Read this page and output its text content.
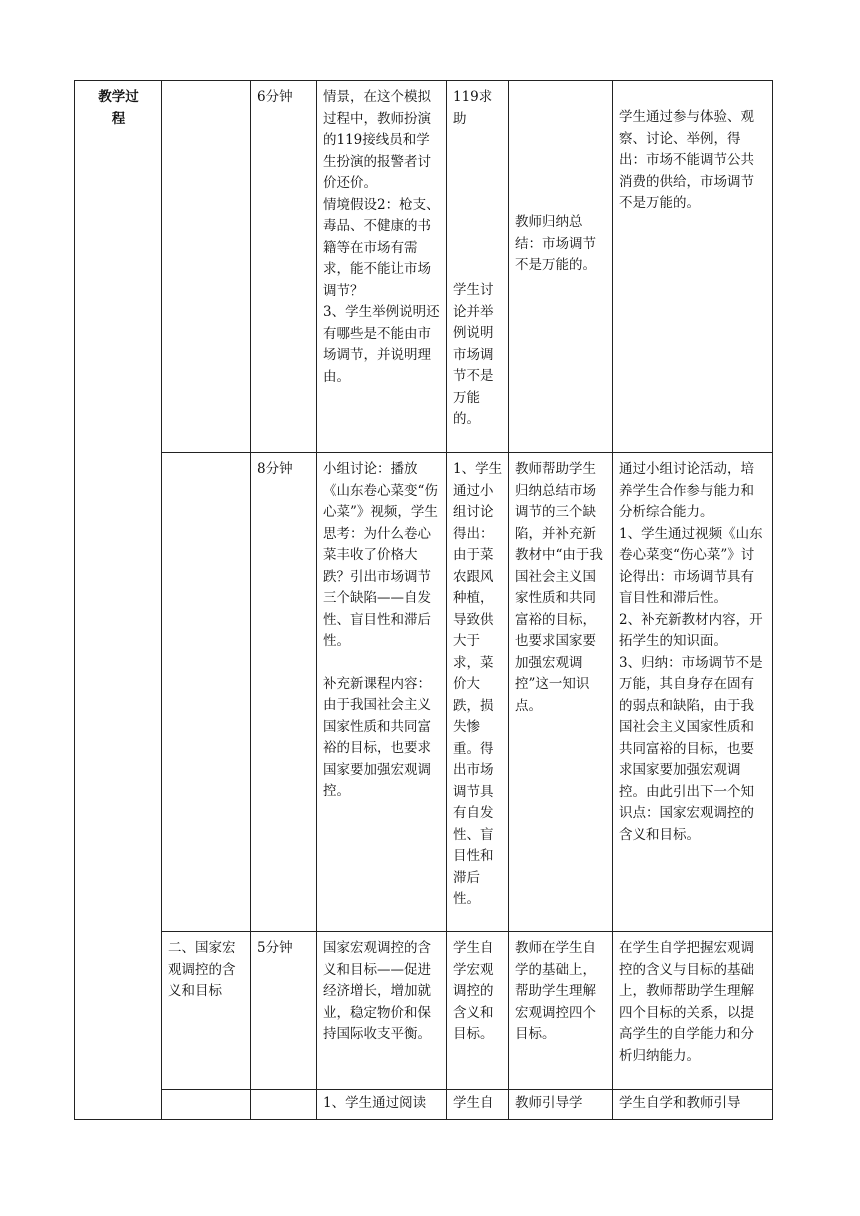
教学过程		6分钟	情景，在这个模拟过程中，教师扮演的119接线员和学生扮演的报警者讨价还价。
情境假设2：枪支、毒品、不健康的书籍等在市场有需求，能不能让市场调节？
3、学生举例说明还有哪些是不能由市场调节，并说明理由。	119求助
学生讨论并举例说明市场调节不是万能的。	教师归纳总结：市场调节不是万能的。	学生通过参与体验、观察、讨论、举例，得出：市场不能调节公共消费的供给，市场调节不是万能的。
		8分钟	小组讨论：播放《山东卷心菜变“伤心菜”》视频，学生思考：为什么卷心菜丰收了价格大跌？引出市场调节三个缺陷——自发性、盲目性和滞后性。
补充新课程内容：由于我国社会主义国家性质和共同富裕的目标，也要求国家要加强宏观调控。	1、学生通过小组讨论得出：由于菜农跟风种植，导致供大于求，菜价大跌，损失惨重。得出市场调节具有自发性、盲目性和滞后性。	教师帮助学生归纳总结市场调节的三个缺陷，并补充新教材中“由于我国社会主义国家性质和共同富裕的目标，也要求国家要加强宏观调控”这一知识点。	通过小组讨论活动，培养学生合作参与能力和分析综合能力。
1、学生通过视频《山东卷心菜变“伤心菜”》讨论得出：市场调节具有盲目性和滞后性。
2、补充新教材内容，开拓学生的知识面。
3、归纳：市场调节不是万能，其自身存在固有的弱点和缺陷，由于我国社会主义国家性质和共同富裕的目标，也要求国家要加强宏观调控。由此引出下一个知识点：国家宏观调控的含义和目标。

	二、国家宏观调控的含义和目标	5分钟	国家宏观调控的含义和目标——促进经济增长，增加就业，稳定物价和保持国际收支平衡。	学生自学宏观调控的含义和目标。	教师在学生自学的基础上，帮助学生理解宏观调控四个目标。	在学生自学把握宏观调控的含义与目标的基础上，教师帮助学生理解四个目标的关系，以提高学生的自学能力和分析归纳能力。
			1、学生通过阅读	学生自	教师引导学	学生自学和教师引导
